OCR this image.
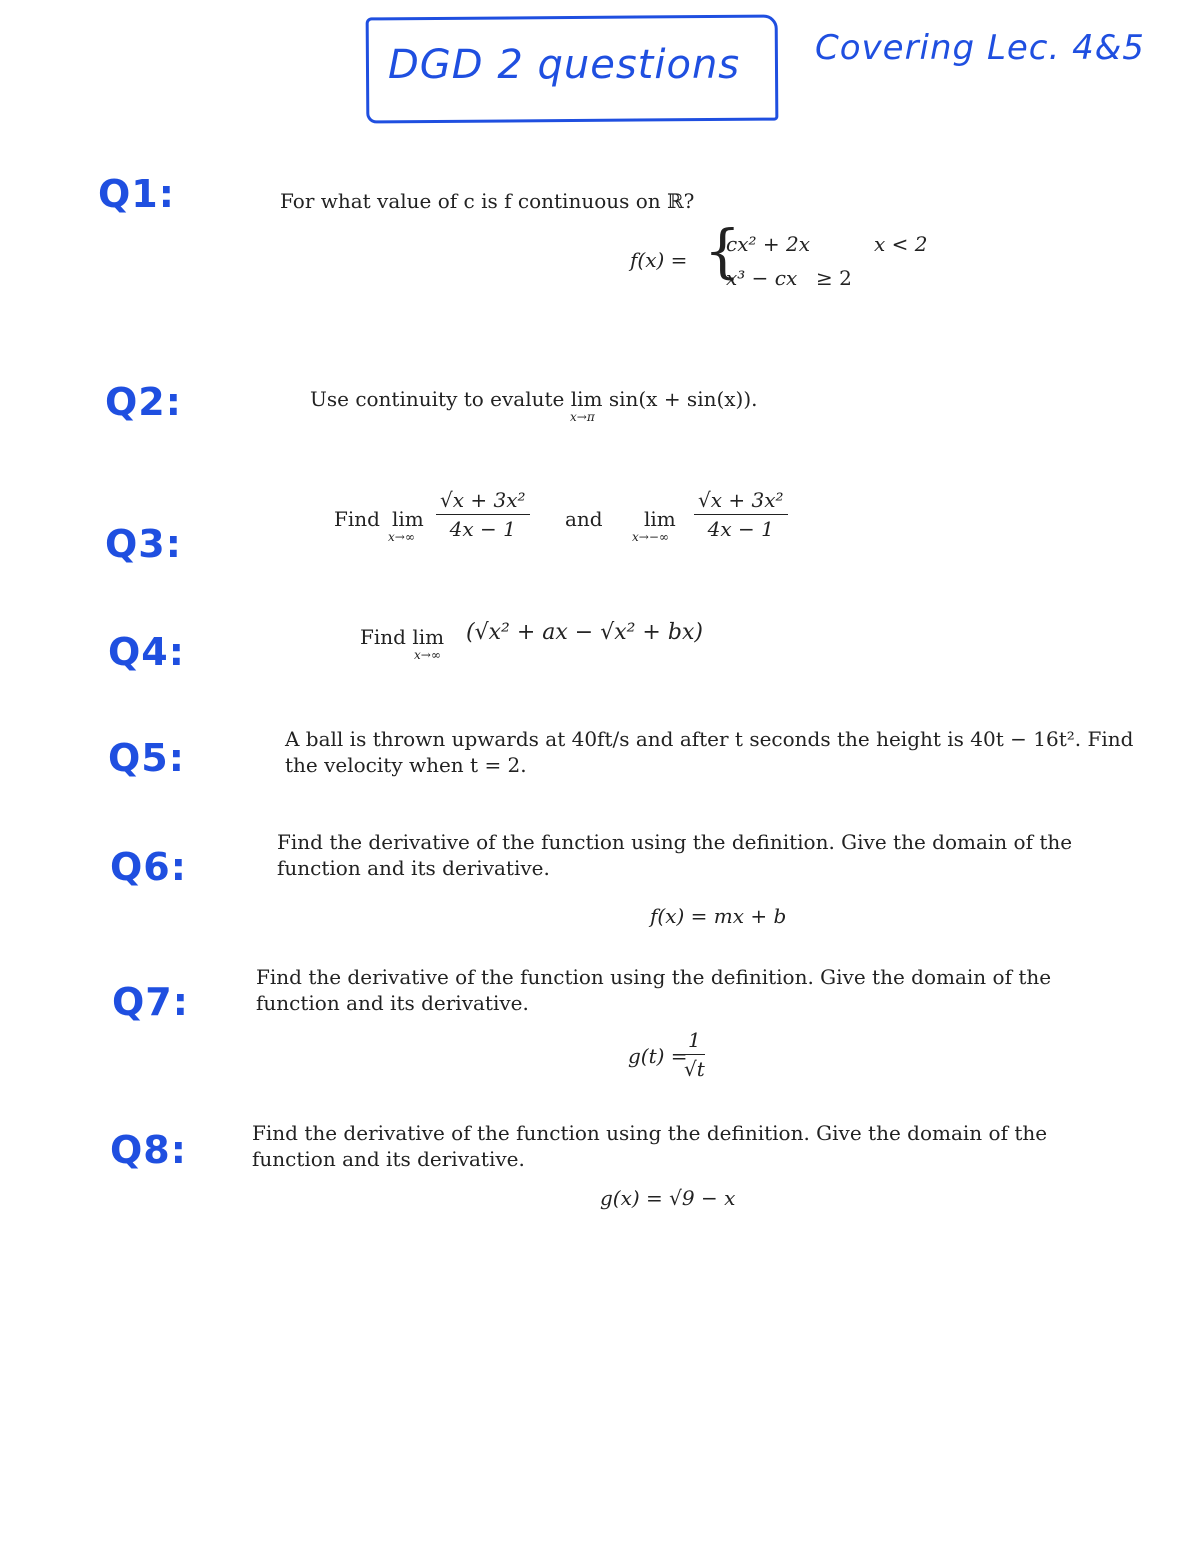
DGD 2 questions Covering Lec. 4&5
Q1:	For what value of c is f continuous on ℝ?
f(x) = {
cx² + 2x	x < 2
x³ − cx ≥ 2
Q2:	Use continuity to evalute lim sin(x + sin(x)).
x→π
Q3:
Find lim
$x\to\infty \frac{\text{√x + 3x²}}{4x - 1}$ and lim
$x\to-\infty \frac{\text{√x + 3x²}}{4x - 1}$
Q4:	Find lim
x→∞
(√x² + ax − √x² + bx)
Q5:	A ball is thrown upwards at 40ft/s and after t seconds the height is 40t − 16t². Find the velocity when t = 2.
Q6:
Find the derivative of the function using the definition. Give the domain of the function and its derivative.
f(x) = mx + b
Q7:
Find the derivative of the function using the definition. Give the domain of the function and its derivative.
g(t) =
$\frac{1}{√t}$
Q8:	Find the derivative of the function using the definition. Give the domain of the function and its derivative.
g(x) = √9 − x
